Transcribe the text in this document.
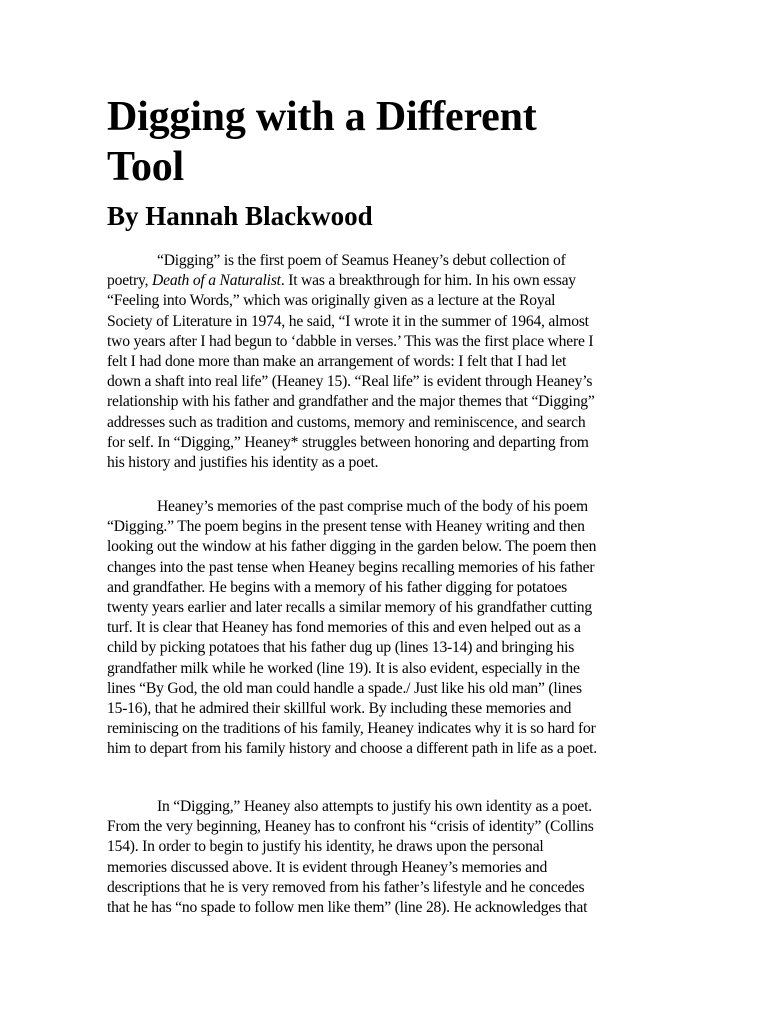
Digging with a Different
Tool
By Hannah Blackwood
“Digging” is the first poem of Seamus Heaney’s debut collection of
poetry, Death of a Naturalist. It was a breakthrough for him. In his own essay
“Feeling into Words,” which was originally given as a lecture at the Royal
Society of Literature in 1974, he said, “I wrote it in the summer of 1964, almost
two years after I had begun to ‘dabble in verses.’ This was the first place where I
felt I had done more than make an arrangement of words: I felt that I had let
down a shaft into real life” (Heaney 15). “Real life” is evident through Heaney’s
relationship with his father and grandfather and the major themes that “Digging”
addresses such as tradition and customs, memory and reminiscence, and search
for self. In “Digging,” Heaney* struggles between honoring and departing from
his history and justifies his identity as a poet.
Heaney’s memories of the past comprise much of the body of his poem
“Digging.” The poem begins in the present tense with Heaney writing and then
looking out the window at his father digging in the garden below. The poem then
changes into the past tense when Heaney begins recalling memories of his father
and grandfather. He begins with a memory of his father digging for potatoes
twenty years earlier and later recalls a similar memory of his grandfather cutting
turf. It is clear that Heaney has fond memories of this and even helped out as a
child by picking potatoes that his father dug up (lines 13-14) and bringing his
grandfather milk while he worked (line 19). It is also evident, especially in the
lines “By God, the old man could handle a spade./ Just like his old man” (lines
15-16), that he admired their skillful work. By including these memories and
reminiscing on the traditions of his family, Heaney indicates why it is so hard for
him to depart from his family history and choose a different path in life as a poet.
In “Digging,” Heaney also attempts to justify his own identity as a poet.
From the very beginning, Heaney has to confront his “crisis of identity” (Collins
154). In order to begin to justify his identity, he draws upon the personal
memories discussed above. It is evident through Heaney’s memories and
descriptions that he is very removed from his father’s lifestyle and he concedes
that he has “no spade to follow men like them” (line 28). He acknowledges that
